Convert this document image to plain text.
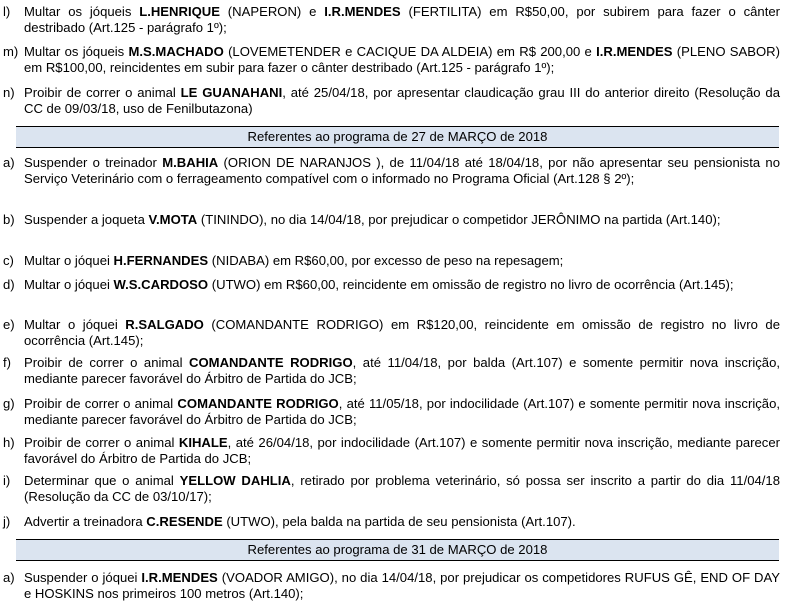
l)	Multar os jóqueis L.HENRIQUE (NAPERON) e I.R.MENDES (FERTILITA) em R$50,00, por subirem para fazer o cânter destribado (Art.125 - parágrafo 1º);
m) Multar os jóqueis M.S.MACHADO (LOVEMETENDER e CACIQUE DA ALDEIA) em R$ 200,00 e I.R.MENDES (PLENO SABOR) em R$100,00, reincidentes em subir para fazer o cânter destribado (Art.125 - parágrafo 1º);
n) Proibir de correr o animal LE GUANAHANI, até 25/04/18, por apresentar claudicação grau III do anterior direito (Resolução da CC de 09/03/18, uso de Fenilbutazona)
Referentes ao programa de 27 de MARÇO de 2018
a) Suspender o treinador M.BAHIA (ORION DE NARANJOS ), de 11/04/18 até 18/04/18, por não apresentar seu pensionista no Serviço Veterinário com o ferrageamento compatível com o informado no Programa Oficial (Art.128 § 2º);
b) Suspender a joqueta V.MOTA (TININDO), no dia 14/04/18, por prejudicar o competidor JERÔNIMO na partida (Art.140);
c) Multar o jóquei H.FERNANDES (NIDABA) em R$60,00, por excesso de peso na repesagem;
d) Multar o jóquei W.S.CARDOSO (UTWO) em R$60,00, reincidente em omissão de registro no livro de ocorrência (Art.145);
e) Multar o jóquei R.SALGADO (COMANDANTE RODRIGO) em R$120,00, reincidente em omissão de registro no livro de ocorrência (Art.145);
f) Proibir de correr o animal COMANDANTE RODRIGO, até 11/04/18, por balda (Art.107) e somente permitir nova inscrição, mediante parecer favorável do Árbitro de Partida do JCB;
g) Proibir de correr o animal COMANDANTE RODRIGO, até 11/05/18, por indocilidade (Art.107) e somente permitir nova inscrição, mediante parecer favorável do Árbitro de Partida do JCB;
h) Proibir de correr o animal KIHALE, até 26/04/18, por indocilidade (Art.107) e somente permitir nova inscrição, mediante parecer favorável do Árbitro de Partida do JCB;
i)	Determinar que o animal YELLOW DAHLIA, retirado por problema veterinário, só possa ser inscrito a partir do dia 11/04/18 (Resolução da CC de 03/10/17);
j)	Advertir a treinadora C.RESENDE (UTWO), pela balda na partida de seu pensionista (Art.107).
Referentes ao programa de 31 de MARÇO de 2018
a) Suspender o jóquei I.R.MENDES (VOADOR AMIGO), no dia 14/04/18, por prejudicar os competidores RUFUS GÊ, END OF DAY e HOSKINS nos primeiros 100 metros (Art.140);
